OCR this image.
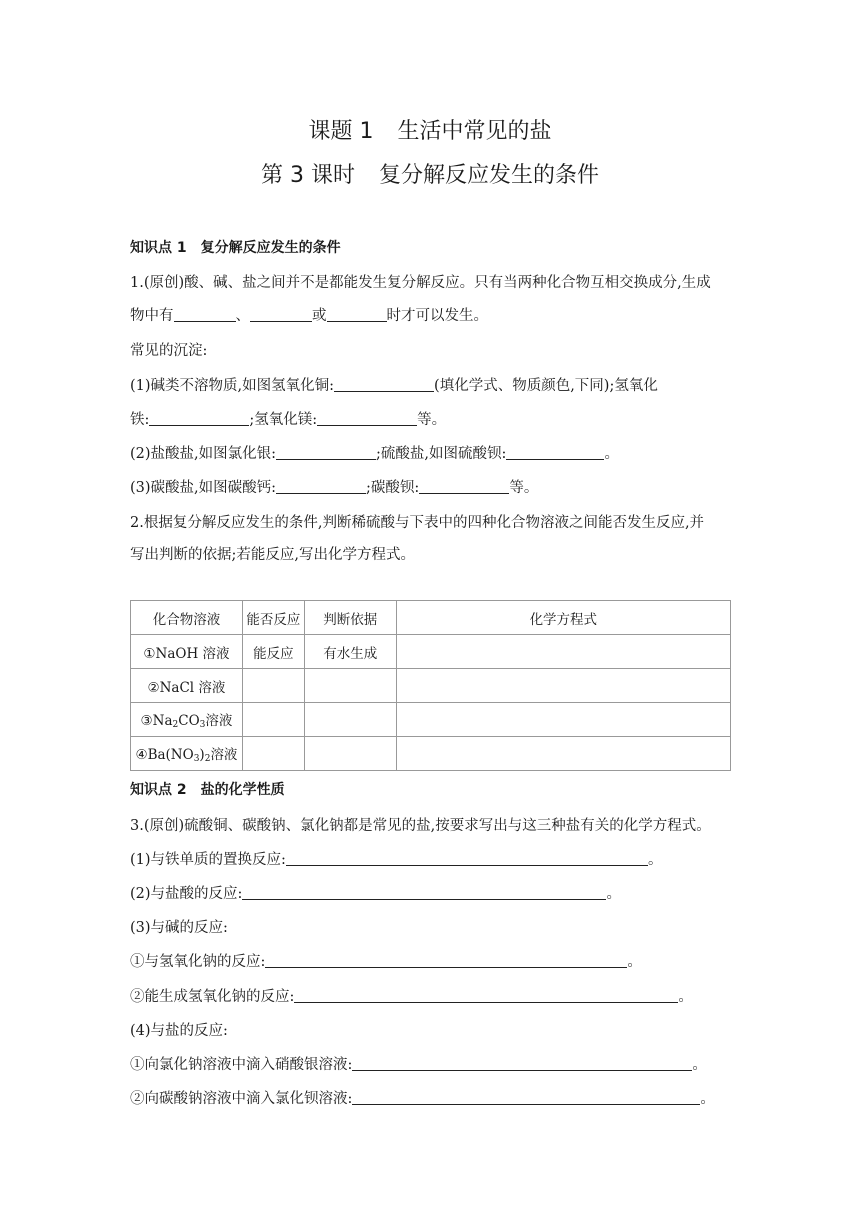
课题 1 生活中常见的盐
第 3 课时 复分解反应发生的条件
知识点 1 复分解反应发生的条件
1.(原创)酸、碱、盐之间并不是都能发生复分解反应。只有当两种化合物互相交换成分,生成
物中有	、	或	时才可以发生。
常见的沉淀:
(1)碱类不溶物质,如图氢氧化铜:	(填化学式、物质颜色,下同);氢氧化
铁:	;氢氧化镁:	等。
(2)盐酸盐,如图氯化银:	;硫酸盐,如图硫酸钡:	。
(3)碳酸盐,如图碳酸钙:	;碳酸钡:	等。
2.根据复分解反应发生的条件,判断稀硫酸与下表中的四种化合物溶液之间能否发生反应,并
写出判断的依据;若能反应,写出化学方程式。
化合物溶液	能否反应	判断依据	化学方程式
①NaOH 溶液	能反应	有水生成	
②NaCl 溶液			
$③Na_2CO_3$溶液			
$④Ba(NO_3)_2$溶液			
知识点 2 盐的化学性质
3.(原创)硫酸铜、碳酸钠、氯化钠都是常见的盐,按要求写出与这三种盐有关的化学方程式。
(1)与铁单质的置换反应:	。
(2)与盐酸的反应:	。
(3)与碱的反应:
①与氢氧化钠的反应:	。
②能生成氢氧化钠的反应:	。
(4)与盐的反应:
①向氯化钠溶液中滴入硝酸银溶液:	。
②向碳酸钠溶液中滴入氯化钡溶液:	。
